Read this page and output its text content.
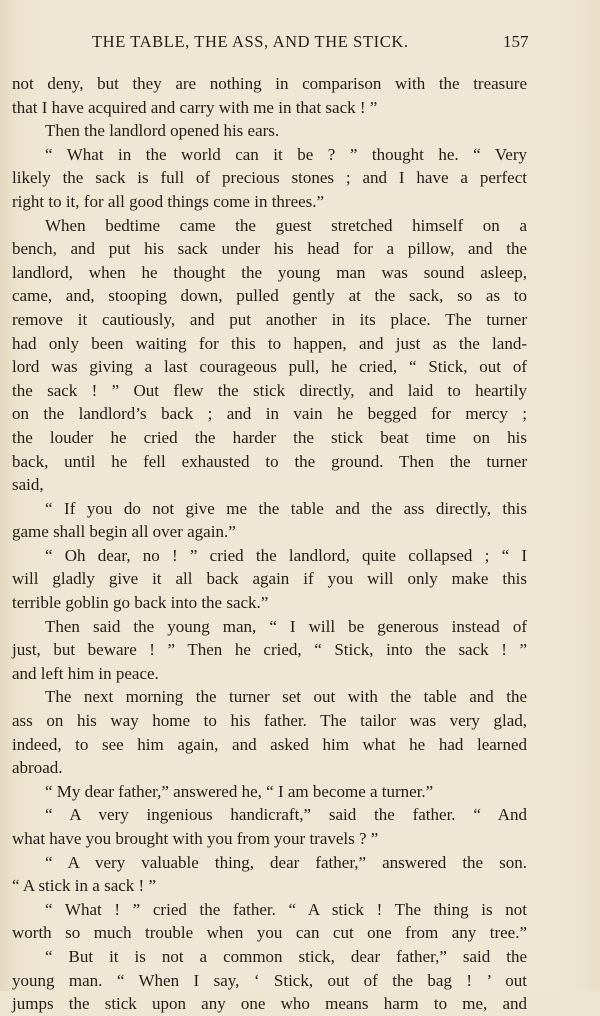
THE TABLE, THE ASS, AND THE STICK.	157
not deny, but they are nothing in comparison with the treasure
that I have acquired and carry with me in that sack ! ”
Then the landlord opened his ears.
“ What in the world can it be ? ” thought he. “ Very
likely the sack is full of precious stones ; and I have a perfect
right to it, for all good things come in threes.”
When bedtime came the guest stretched himself on a
bench, and put his sack under his head for a pillow, and the
landlord, when he thought the young man was sound asleep,
came, and, stooping down, pulled gently at the sack, so as to
remove it cautiously, and put another in its place. The turner
had only been waiting for this to happen, and just as the land-
lord was giving a last courageous pull, he cried, “ Stick, out of
the sack ! ” Out flew the stick directly, and laid to heartily
on the landlord’s back ; and in vain he begged for mercy ;
the louder he cried the harder the stick beat time on his
back, until he fell exhausted to the ground. Then the turner
said,
“ If you do not give me the table and the ass directly, this
game shall begin all over again.”
“ Oh dear, no ! ” cried the landlord, quite collapsed ; “ I
will gladly give it all back again if you will only make this
terrible goblin go back into the sack.”
Then said the young man, “ I will be generous instead of
just, but beware ! ” Then he cried, “ Stick, into the sack ! ”
and left him in peace.
The next morning the turner set out with the table and the
ass on his way home to his father. The tailor was very glad,
indeed, to see him again, and asked him what he had learned
abroad.
“ My dear father,” answered he, “ I am become a turner.”
“ A very ingenious handicraft,” said the father. “ And
what have you brought with you from your travels ? ”
“ A very valuable thing, dear father,” answered the son.
“ A stick in a sack ! ”
“ What ! ” cried the father. “ A stick ! The thing is not
worth so much trouble when you can cut one from any tree.”
“ But it is not a common stick, dear father,” said the
young man. “ When I say, ‘ Stick, out of the bag ! ’ out
jumps the stick upon any one who means harm to me, and
